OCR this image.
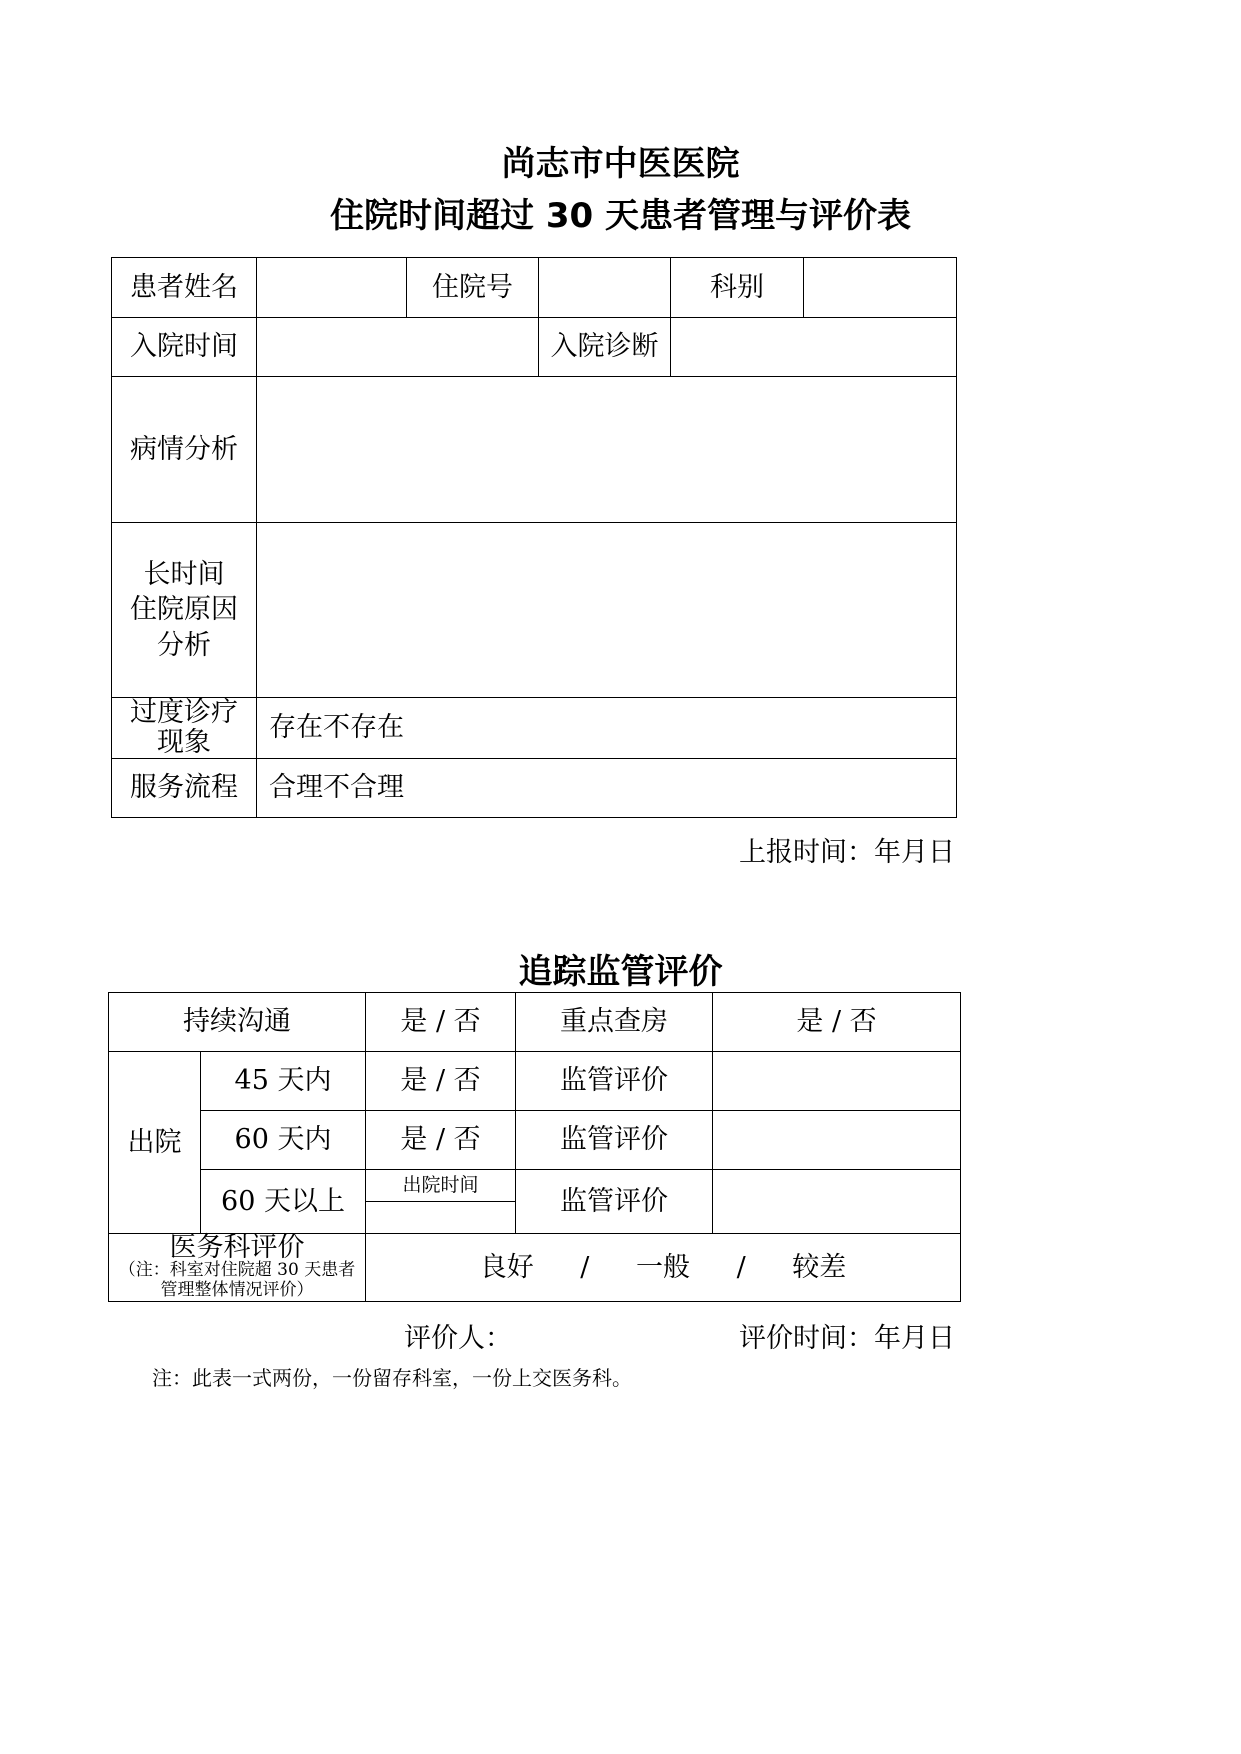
尚志市中医医院
住院时间超过 30 天患者管理与评价表
患者姓名		住院号		科别	
入院时间			入院诊断		
病情分析					

长时间
住院原因
分析					

过度诊疗
现象	存在不存在				
服务流程	合理不合理				
上报时间：年月日
追踪监管评价
持续沟通		是 / 否	重点查房	是 / 否
出院	45 天内	是 / 否	监管评价	
	60 天内	是 / 否	监管评价	
	60 天以上	出院时间	监管评价	

医务科评价
（注：科室对住院超 30 天患者管理整体情况评价）		良好 / 一般 / 较差		
评价人：	评价时间：年月日
注：此表一式两份，一份留存科室，一份上交医务科。
